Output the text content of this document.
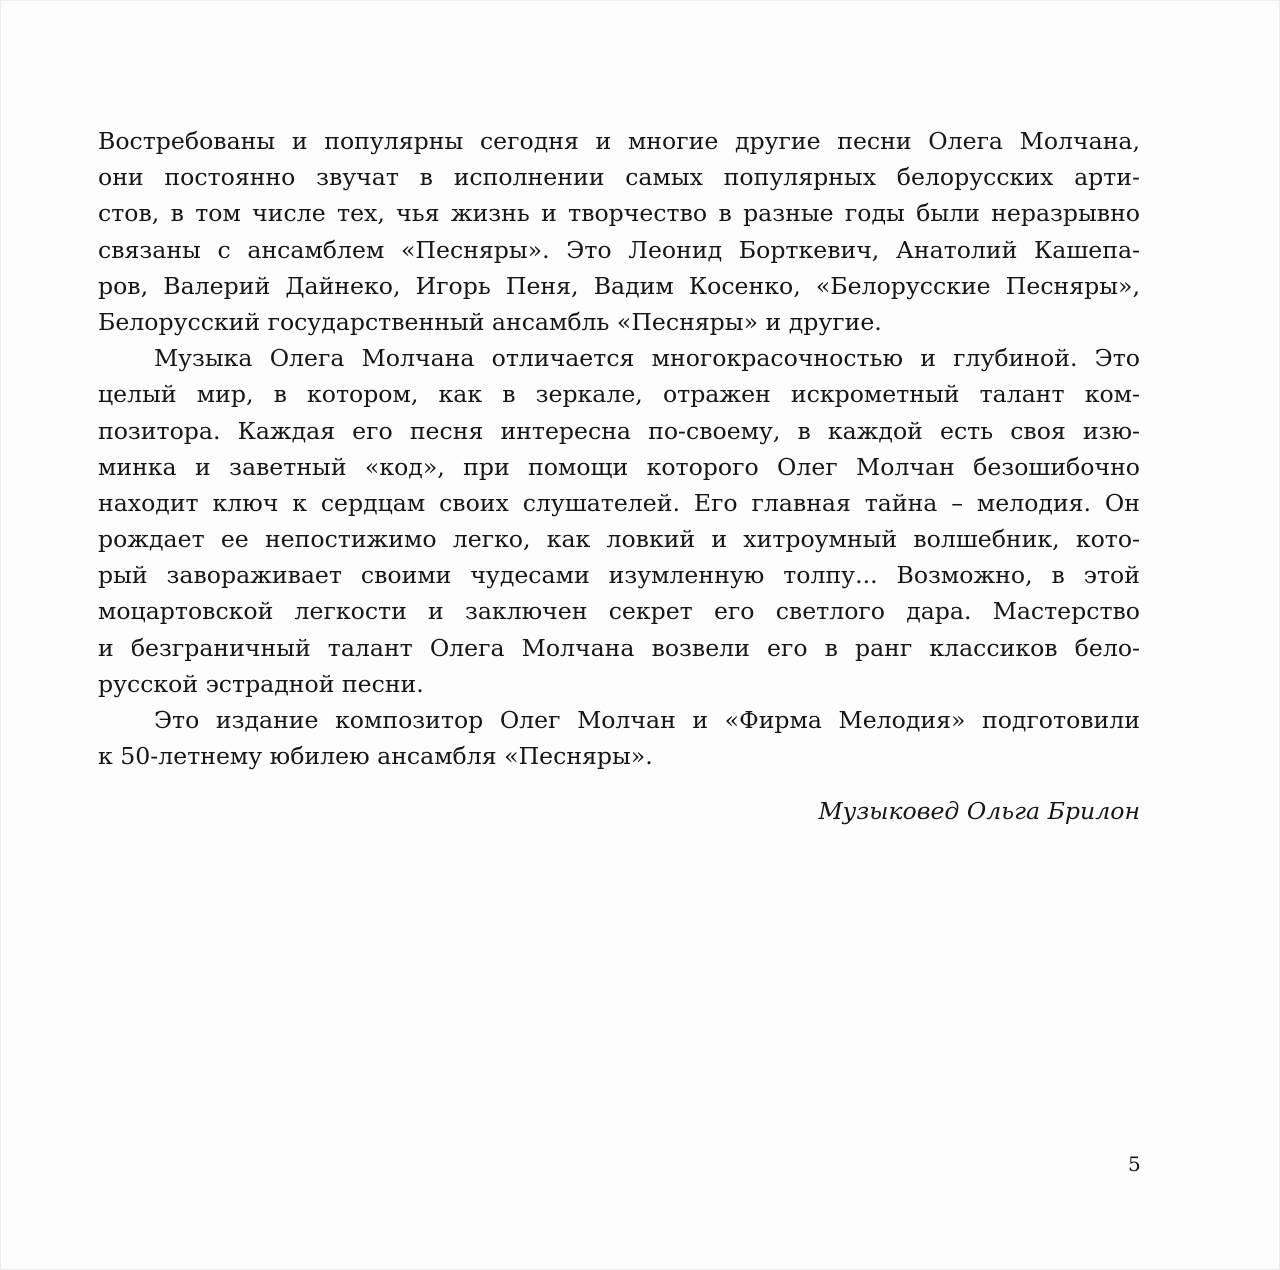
Востребованы и популярны сегодня и многие другие песни Олега Молчана,
они постоянно звучат в исполнении самых популярных белорусских арти-
стов, в том числе тех, чья жизнь и творчество в разные годы были неразрывно
связаны с ансамблем «Песняры». Это Леонид Борткевич, Анатолий Кашепа-
ров, Валерий Дайнеко, Игорь Пеня, Вадим Косенко, «Белорусские Песняры»,
Белорусский государственный ансамбль «Песняры» и другие.
Музыка Олега Молчана отличается многокрасочностью и глубиной. Это
целый мир, в котором, как в зеркале, отражен искрометный талант ком-
позитора. Каждая его песня интересна по-своему, в каждой есть своя изю-
минка и заветный «код», при помощи которого Олег Молчан безошибочно
находит ключ к сердцам своих слушателей. Его главная тайна – мелодия. Он
рождает ее непостижимо легко, как ловкий и хитроумный волшебник, кото-
рый завораживает своими чудесами изумленную толпу... Возможно, в этой
моцартовской легкости и заключен секрет его светлого дара. Мастерство
и безграничный талант Олега Молчана возвели его в ранг классиков бело-
русской эстрадной песни.
Это издание композитор Олег Молчан и «Фирма Мелодия» подготовили
к 50-летнему юбилею ансамбля «Песняры».
Музыковед Ольга Брилон
5
